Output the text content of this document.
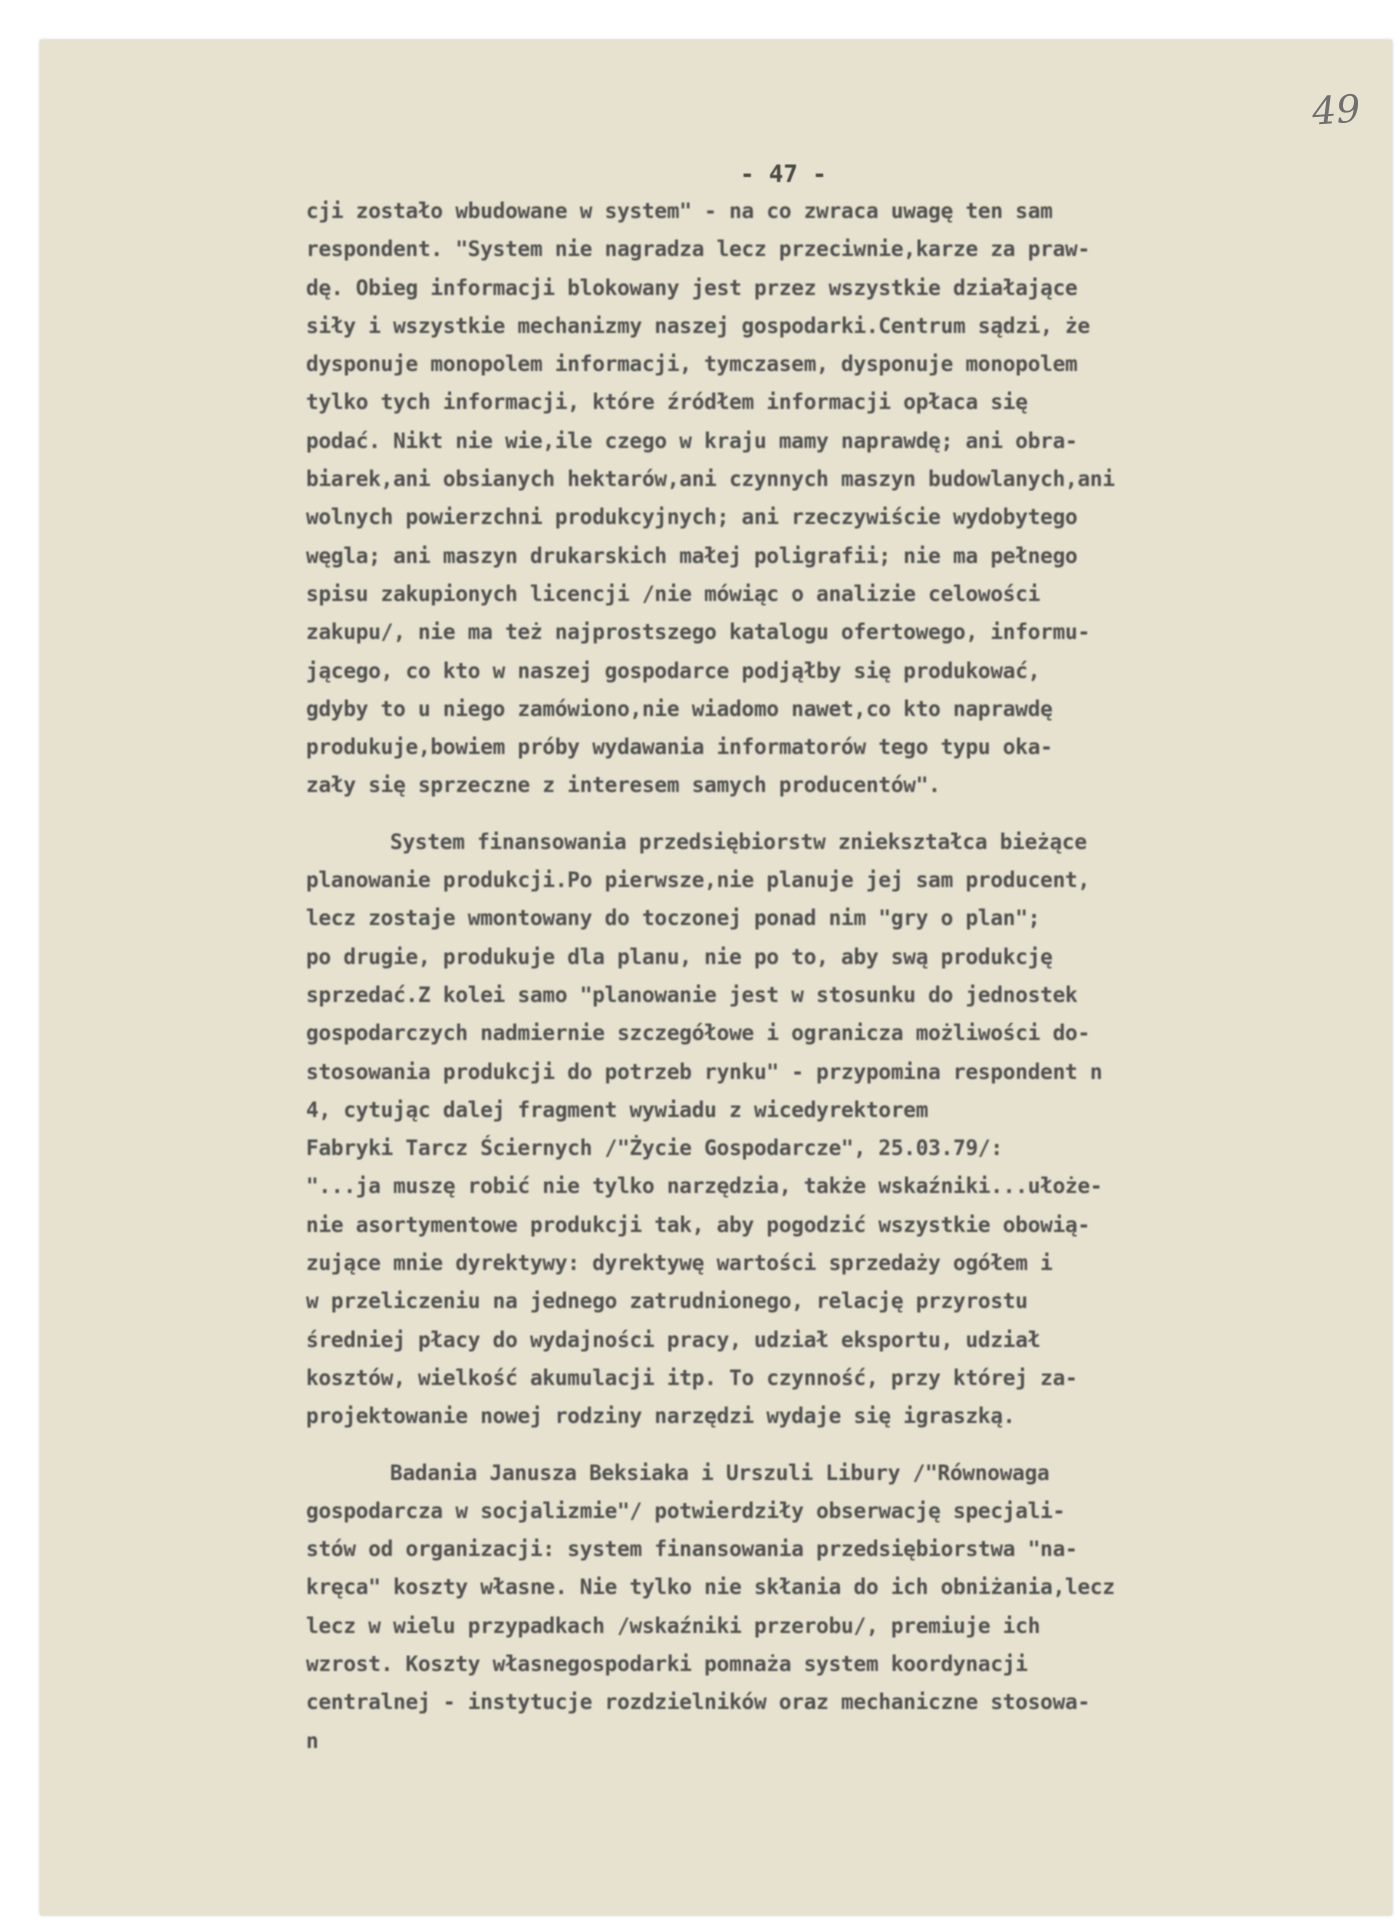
49
- 47 -

cji zostało wbudowane w system" - na co zwraca uwagę ten sam
respondent. "System nie nagradza lecz przeciwnie,karze za praw-
dę. Obieg informacji blokowany jest przez wszystkie działające
siły i wszystkie mechanizmy naszej gospodarki.Centrum sądzi, że
dysponuje monopolem informacji, tymczasem, dysponuje monopolem
tylko tych informacji, które źródłem informacji opłaca się
podać. Nikt nie wie,ile czego w kraju mamy naprawdę; ani obra-
biarek,ani obsianych hektarów,ani czynnych maszyn budowlanych,ani
wolnych powierzchni produkcyjnych; ani rzeczywiście wydobytego
węgla; ani maszyn drukarskich małej poligrafii; nie ma pełnego
spisu zakupionych licencji /nie mówiąc o analizie celowości
zakupu/, nie ma też najprostszego katalogu ofertowego, informu-
jącego, co kto w naszej gospodarce podjąłby się produkować,
gdyby to u niego zamówiono,nie wiadomo nawet,co kto naprawdę
produkuje,bowiem próby wydawania informatorów tego typu oka-
zały się sprzeczne z interesem samych producentów".

System finansowania przedsiębiorstw zniekształca bieżące
planowanie produkcji.Po pierwsze,nie planuje jej sam producent,
lecz zostaje wmontowany do toczonej ponad nim "gry o plan";
po drugie, produkuje dla planu, nie po to, aby swą produkcję
sprzedać.Z kolei samo "planowanie jest w stosunku do jednostek
gospodarczych nadmiernie szczegółowe i ogranicza możliwości do-
stosowania produkcji do potrzeb rynku" - przypomina respondent n
4, cytując dalej fragment wywiadu z wicedyrektorem
Fabryki Tarcz Ściernych /"Życie Gospodarcze", 25.03.79/:
"...ja muszę robić nie tylko narzędzia, także wskaźniki...ułoże-
nie asortymentowe produkcji tak, aby pogodzić wszystkie obowią-
zujące mnie dyrektywy: dyrektywę wartości sprzedaży ogółem i
w przeliczeniu na jednego zatrudnionego, relację przyrostu
średniej płacy do wydajności pracy, udział eksportu, udział
kosztów, wielkość akumulacji itp. To czynność, przy której za-
projektowanie nowej rodziny narzędzi wydaje się igraszką.

Badania Janusza Beksiaka i Urszuli Libury /"Równowaga
gospodarcza w socjalizmie"/ potwierdziły obserwację specjali-
stów od organizacji: system finansowania przedsiębiorstwa "na-
kręca" koszty własne. Nie tylko nie skłania do ich obniżania,lecz
lecz w wielu przypadkach /wskaźniki przerobu/, premiuje ich
wzrost. Koszty własnegospodarki pomnaża system koordynacji
centralnej - instytucje rozdzielników oraz mechaniczne stosowa-
n
